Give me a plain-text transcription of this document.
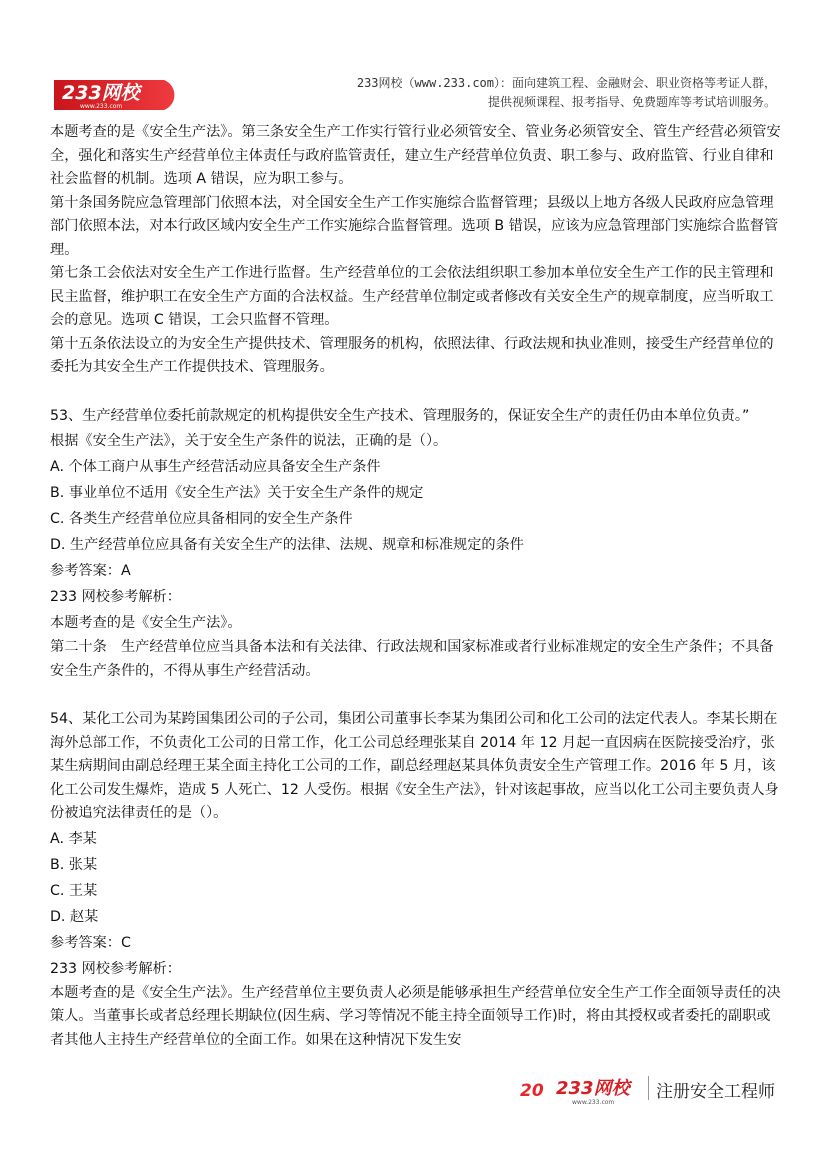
233网校
www.233.com
233网校（www.233.com）：面向建筑工程、金融财会、职业资格等考证人群，
提供视频课程、报考指导、免费题库等考试培训服务。

本题考查的是《安全生产法》。第三条安全生产工作实行管行业必须管安全、管业务必须管安全、管生产经营必须管安全，强化和落实生产经营单位主体责任与政府监管责任，建立生产经营单位负责、职工参与、政府监管、行业自律和社会监督的机制。选项 A 错误，应为职工参与。

第十条国务院应急管理部门依照本法，对全国安全生产工作实施综合监督管理；县级以上地方各级人民政府应急管理部门依照本法，对本行政区域内安全生产工作实施综合监督管理。选项 B 错误，应该为应急管理部门实施综合监督管理。

第七条工会依法对安全生产工作进行监督。生产经营单位的工会依法组织职工参加本单位安全生产工作的民主管理和民主监督，维护职工在安全生产方面的合法权益。生产经营单位制定或者修改有关安全生产的规章制度，应当听取工会的意见。选项 C 错误，工会只监督不管理。

第十五条依法设立的为安全生产提供技术、管理服务的机构，依照法律、行政法规和执业准则，接受生产经营单位的委托为其安全生产工作提供技术、管理服务。

53、生产经营单位委托前款规定的机构提供安全生产技术、管理服务的，保证安全生产的责任仍由本单位负责。”

根据《安全生产法》，关于安全生产条件的说法，正确的是（）。

A. 个体工商户从事生产经营活动应具备安全生产条件

B. 事业单位不适用《安全生产法》关于安全生产条件的规定

C. 各类生产经营单位应具备相同的安全生产条件

D. 生产经营单位应具备有关安全生产的法律、法规、规章和标准规定的条件

参考答案：A

233 网校参考解析：

本题考查的是《安全生产法》。

第二十条　生产经营单位应当具备本法和有关法律、行政法规和国家标准或者行业标准规定的安全生产条件；不具备安全生产条件的，不得从事生产经营活动。

54、某化工公司为某跨国集团公司的子公司，集团公司董事长李某为集团公司和化工公司的法定代表人。李某长期在海外总部工作，不负责化工公司的日常工作，化工公司总经理张某自 2014 年 12 月起一直因病在医院接受治疗，张某生病期间由副总经理王某全面主持化工公司的工作，副总经理赵某具体负责安全生产管理工作。2016 年 5 月，该化工公司发生爆炸，造成 5 人死亡、12 人受伤。根据《安全生产法》，针对该起事故，应当以化工公司主要负责人身份被追究法律责任的是（）。

A. 李某

B. 张某

C. 王某

D. 赵某

参考答案：C

233 网校参考解析：

本题考查的是《安全生产法》。生产经营单位主要负责人必须是能够承担生产经营单位安全生产工作全面领导责任的决策人。当董事长或者总经理长期缺位(因生病、学习等情况不能主持全面领导工作)时，将由其授权或者委托的副职或者其他人主持生产经营单位的全面工作。如果在这种情况下发生安

20 233网校
www.233.com
注册安全工程师
